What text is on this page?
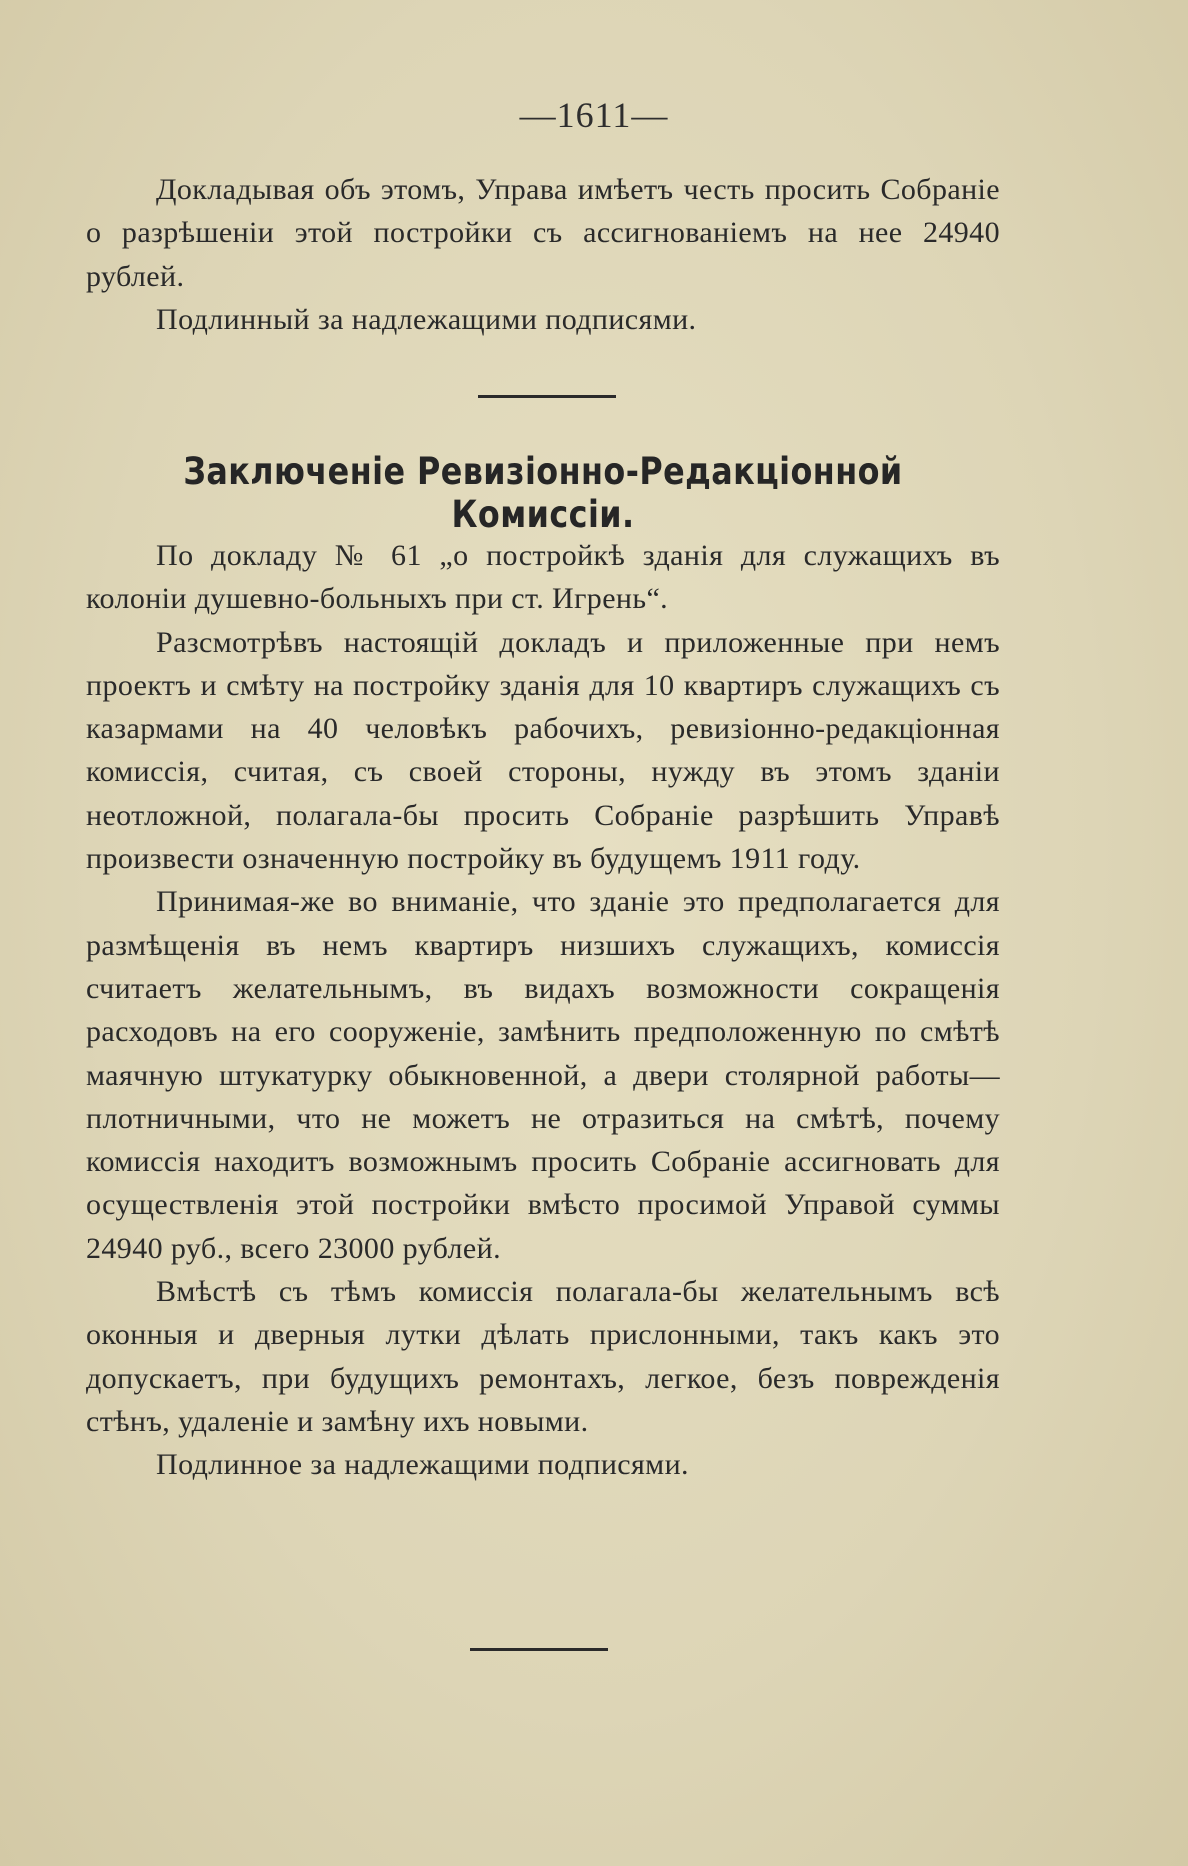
—1611—

Докладывая объ этомъ, Управа имѣетъ честь просить Собраніе о разрѣшеніи этой постройки съ ассигнованіемъ на нее 24940 рублей.

Подлинный за надлежащими подписями.

Заключеніе Ревизіонно-Редакціонной Комиссіи.

По докладу № 61 „о постройкѣ зданія для служащихъ въ колоніи душевно-больныхъ при ст. Игрень“.

Разсмотрѣвъ настоящій докладъ и приложенные при немъ проектъ и смѣту на постройку зданія для 10 квартиръ служащихъ съ казармами на 40 человѣкъ рабочихъ, ревизіонно-редакціонная комиссія, считая, съ своей стороны, нужду въ этомъ зданіи неотложной, полагала-бы просить Собраніе разрѣшить Управѣ произвести означенную постройку въ будущемъ 1911 году.

Принимая-же во вниманіе, что зданіе это предполагается для размѣщенія въ немъ квартиръ низшихъ служащихъ, комиссія считаетъ желательнымъ, въ видахъ возможности сокращенія расходовъ на его сооруженіе, замѣнить предположенную по смѣтѣ маячную штукатурку обыкновенной, а двери столярной работы—плотничными, что не можетъ не отразиться на смѣтѣ, почему комиссія находитъ возможнымъ просить Собраніе ассигновать для осуществленія этой постройки вмѣсто просимой Управой суммы 24940 руб., всего 23000 рублей.

Вмѣстѣ съ тѣмъ комиссія полагала-бы желательнымъ всѣ оконныя и дверныя лутки дѣлать прислонными, такъ какъ это допускаетъ, при будущихъ ремонтахъ, легкое, безъ поврежденія стѣнъ, удаленіе и замѣну ихъ новыми.

Подлинное за надлежащими подписями.
